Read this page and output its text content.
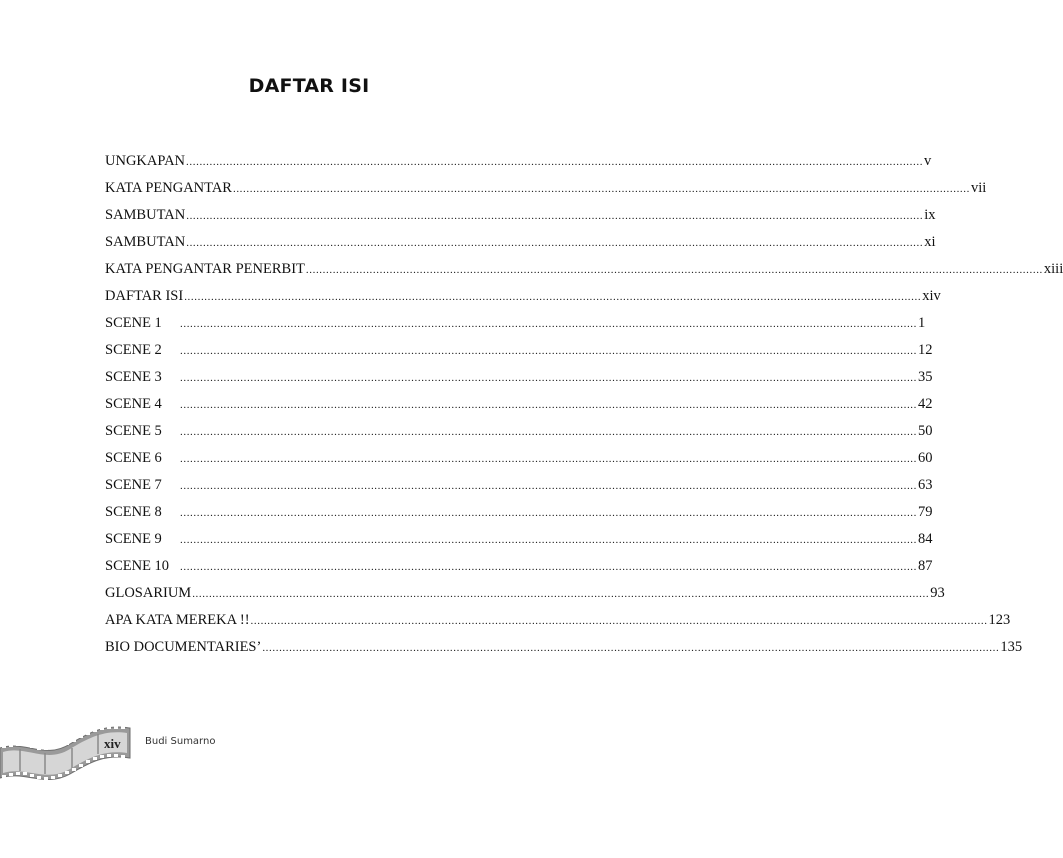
DAFTAR ISI
UNGKAPAN ............................................................................................................................................................................................................................ v
KATA PENGANTAR ............................................................................................................................................................................................................................ vii
SAMBUTAN ............................................................................................................................................................................................................................ ix
SAMBUTAN ............................................................................................................................................................................................................................ xi
KATA PENGANTAR PENERBIT ............................................................................................................................................................................................................................ xiii
DAFTAR ISI ............................................................................................................................................................................................................................ xiv
SCENE 1	............................................................................................................................................................................................................................ 1
SCENE 2	............................................................................................................................................................................................................................ 12
SCENE 3	............................................................................................................................................................................................................................ 35
SCENE 4	............................................................................................................................................................................................................................ 42
SCENE 5	............................................................................................................................................................................................................................ 50
SCENE 6	............................................................................................................................................................................................................................ 60
SCENE 7	............................................................................................................................................................................................................................ 63
SCENE 8	............................................................................................................................................................................................................................ 79
SCENE 9	............................................................................................................................................................................................................................ 84
SCENE 10 ............................................................................................................................................................................................................................ 87
GLOSARIUM ............................................................................................................................................................................................................................ 93
APA KATA MEREKA !! ............................................................................................................................................................................................................................ 123
BIO DOCUMENTARIES’ ............................................................................................................................................................................................................................ 135
xiv Budi Sumarno
